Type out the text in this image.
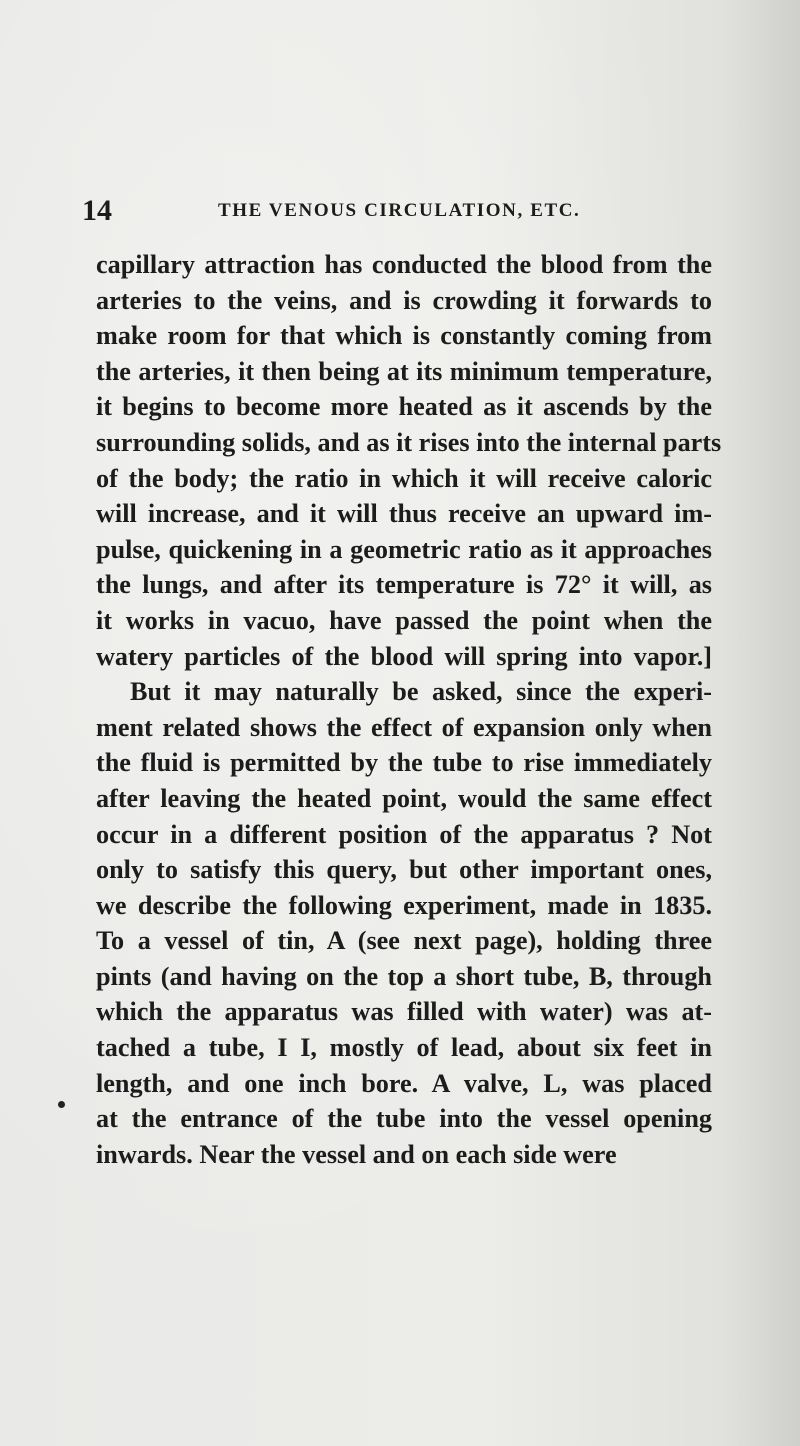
14	THE VENOUS CIRCULATION, ETC.
capillary attraction has conducted the blood from the
arteries to the veins, and is crowding it forwards to
make room for that which is constantly coming from
the arteries, it then being at its minimum temperature,
it begins to become more heated as it ascends by the
surrounding solids, and as it rises into the internal parts
of the body; the ratio in which it will receive caloric
will increase, and it will thus receive an upward im-
pulse, quickening in a geometric ratio as it approaches
the lungs, and after its temperature is 72° it will, as
it works in vacuo, have passed the point when the
watery particles of the blood will spring into vapor.]
But it may naturally be asked, since the experi-
ment related shows the effect of expansion only when
the fluid is permitted by the tube to rise immediately
after leaving the heated point, would the same effect
occur in a different position of the apparatus ? Not
only to satisfy this query, but other important ones,
we describe the following experiment, made in 1835.
To a vessel of tin, A (see next page), holding three
pints (and having on the top a short tube, B, through
which the apparatus was filled with water) was at-
tached a tube, I I, mostly of lead, about six feet in
length, and one inch bore. A valve, L, was placed
at the entrance of the tube into the vessel opening
inwards. Near the vessel and on each side were
